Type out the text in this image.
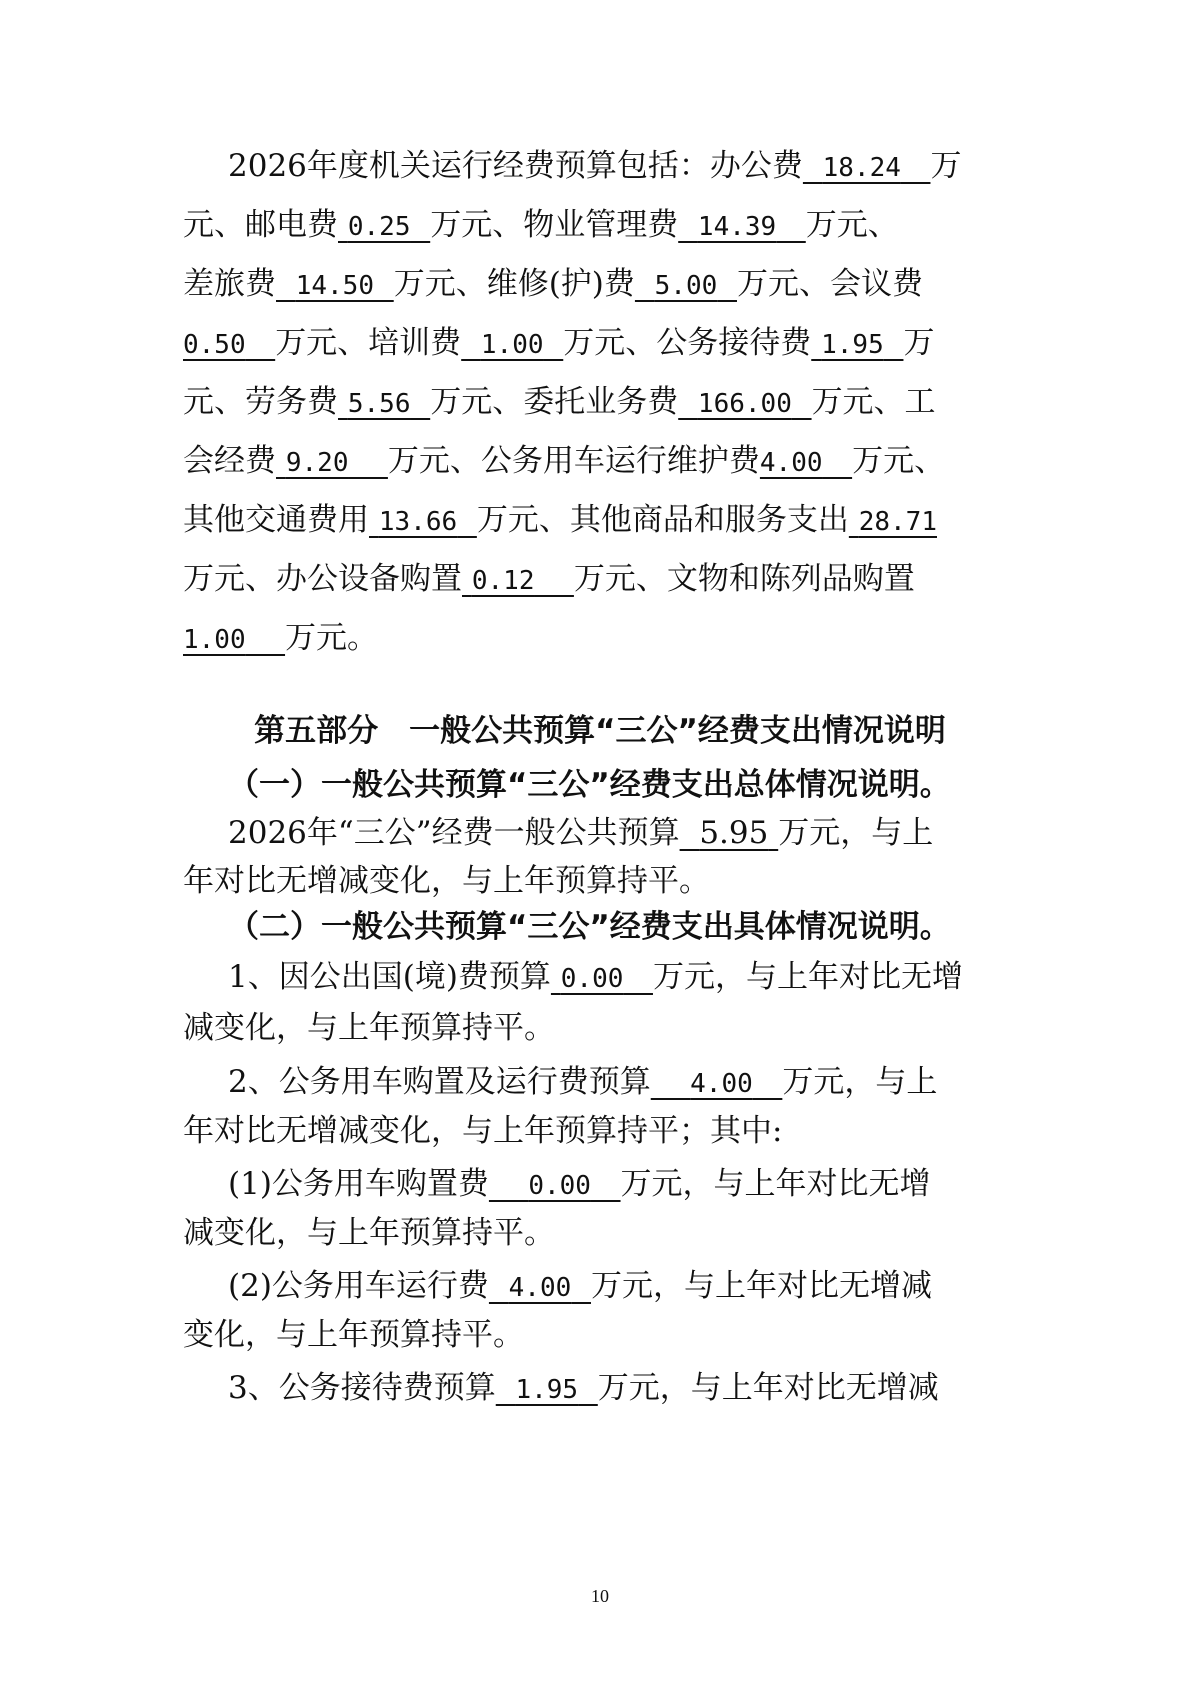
2026年度机关运行经费预算包括：办公费 18.24 万
元、邮电费 0.25 万元、物业管理费 14.39 万元、
差旅费 14.50 万元、维修(护)费 5.00 万元、会议费
0.50 万元、培训费 1.00 万元、公务接待费 1.95 万
元、劳务费 5.56 万元、委托业务费 166.00 万元、工
会经费 9.20 万元、公务用车运行维护费4.00 万元、
其他交通费用 13.66 万元、其他商品和服务支出 28.71
万元、办公设备购置 0.12 万元、文物和陈列品购置
1.00 万元。
第五部分　一般公共预算“三公”经费支出情况说明
（一）一般公共预算“三公”经费支出总体情况说明。
2026年“三公”经费一般公共预算 5.95 万元，与上
年对比无增减变化，与上年预算持平。
（二）一般公共预算“三公”经费支出具体情况说明。
1、因公出国(境)费预算 0.00 万元，与上年对比无增
减变化，与上年预算持平。
2、公务用车购置及运行费预算 4.00 万元，与上
年对比无增减变化，与上年预算持平；其中:
(1)公务用车购置费 0.00 万元，与上年对比无增
减变化，与上年预算持平。
(2)公务用车运行费 4.00 万元，与上年对比无增减
变化，与上年预算持平。
3、公务接待费预算 1.95 万元，与上年对比无增减
10
